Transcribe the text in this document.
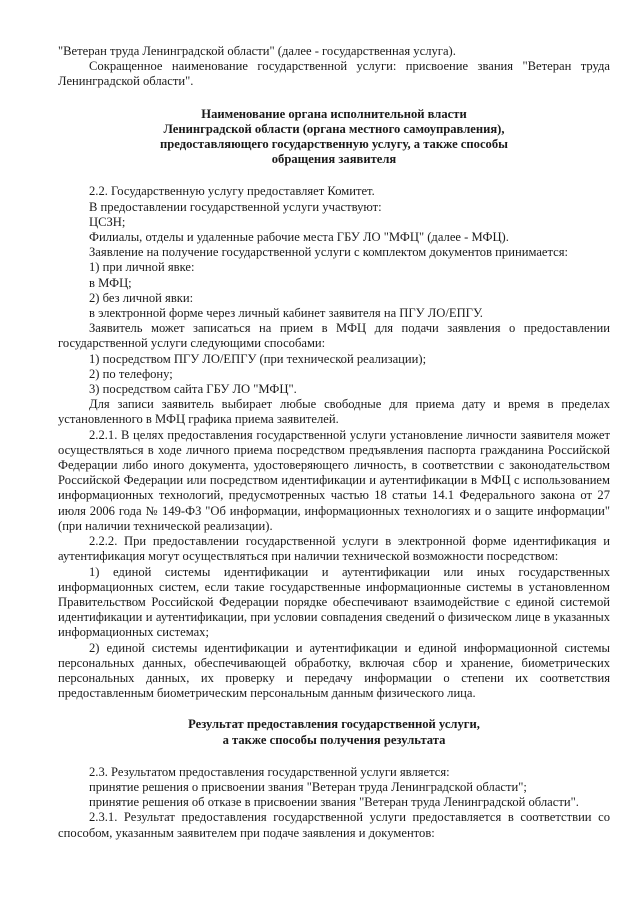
"Ветеран труда Ленинградской области" (далее - государственная услуга).

Сокращенное наименование государственной услуги: присвоение звания "Ветеран труда Ленинградской области".

Наименование органа исполнительной власти

Ленинградской области (органа местного самоуправления),

предоставляющего государственную услугу, а также способы

обращения заявителя

2.2. Государственную услугу предоставляет Комитет.

В предоставлении государственной услуги участвуют:

ЦСЗН;

Филиалы, отделы и удаленные рабочие места ГБУ ЛО "МФЦ" (далее - МФЦ).

Заявление на получение государственной услуги с комплектом документов принимается:

1) при личной явке:

в МФЦ;

2) без личной явки:

в электронной форме через личный кабинет заявителя на ПГУ ЛО/ЕПГУ.

Заявитель может записаться на прием в МФЦ для подачи заявления о предоставлении государственной услуги следующими способами:

1) посредством ПГУ ЛО/ЕПГУ (при технической реализации);

2) по телефону;

3) посредством сайта ГБУ ЛО "МФЦ".

Для записи заявитель выбирает любые свободные для приема дату и время в пределах установленного в МФЦ графика приема заявителей.

2.2.1. В целях предоставления государственной услуги установление личности заявителя может осуществляться в ходе личного приема посредством предъявления паспорта гражданина Российской Федерации либо иного документа, удостоверяющего личность, в соответствии с законодательством Российской Федерации или посредством идентификации и аутентификации в МФЦ с использованием информационных технологий, предусмотренных частью 18 статьи 14.1 Федерального закона от 27 июля 2006 года № 149-ФЗ "Об информации, информационных технологиях и о защите информации" (при наличии технической реализации).

2.2.2. При предоставлении государственной услуги в электронной форме идентификация и аутентификация могут осуществляться при наличии технической возможности посредством:

1) единой системы идентификации и аутентификации или иных государственных информационных систем, если такие государственные информационные системы в установленном Правительством Российской Федерации порядке обеспечивают взаимодействие с единой системой идентификации и аутентификации, при условии совпадения сведений о физическом лице в указанных информационных системах;

2) единой системы идентификации и аутентификации и единой информационной системы персональных данных, обеспечивающей обработку, включая сбор и хранение, биометрических персональных данных, их проверку и передачу информации о степени их соответствия предоставленным биометрическим персональным данным физического лица.

Результат предоставления государственной услуги,

а также способы получения результата

2.3. Результатом предоставления государственной услуги является:

принятие решения о присвоении звания "Ветеран труда Ленинградской области";

принятие решения об отказе в присвоении звания "Ветеран труда Ленинградской области".

2.3.1. Результат предоставления государственной услуги предоставляется в соответствии со способом, указанным заявителем при подаче заявления и документов:
